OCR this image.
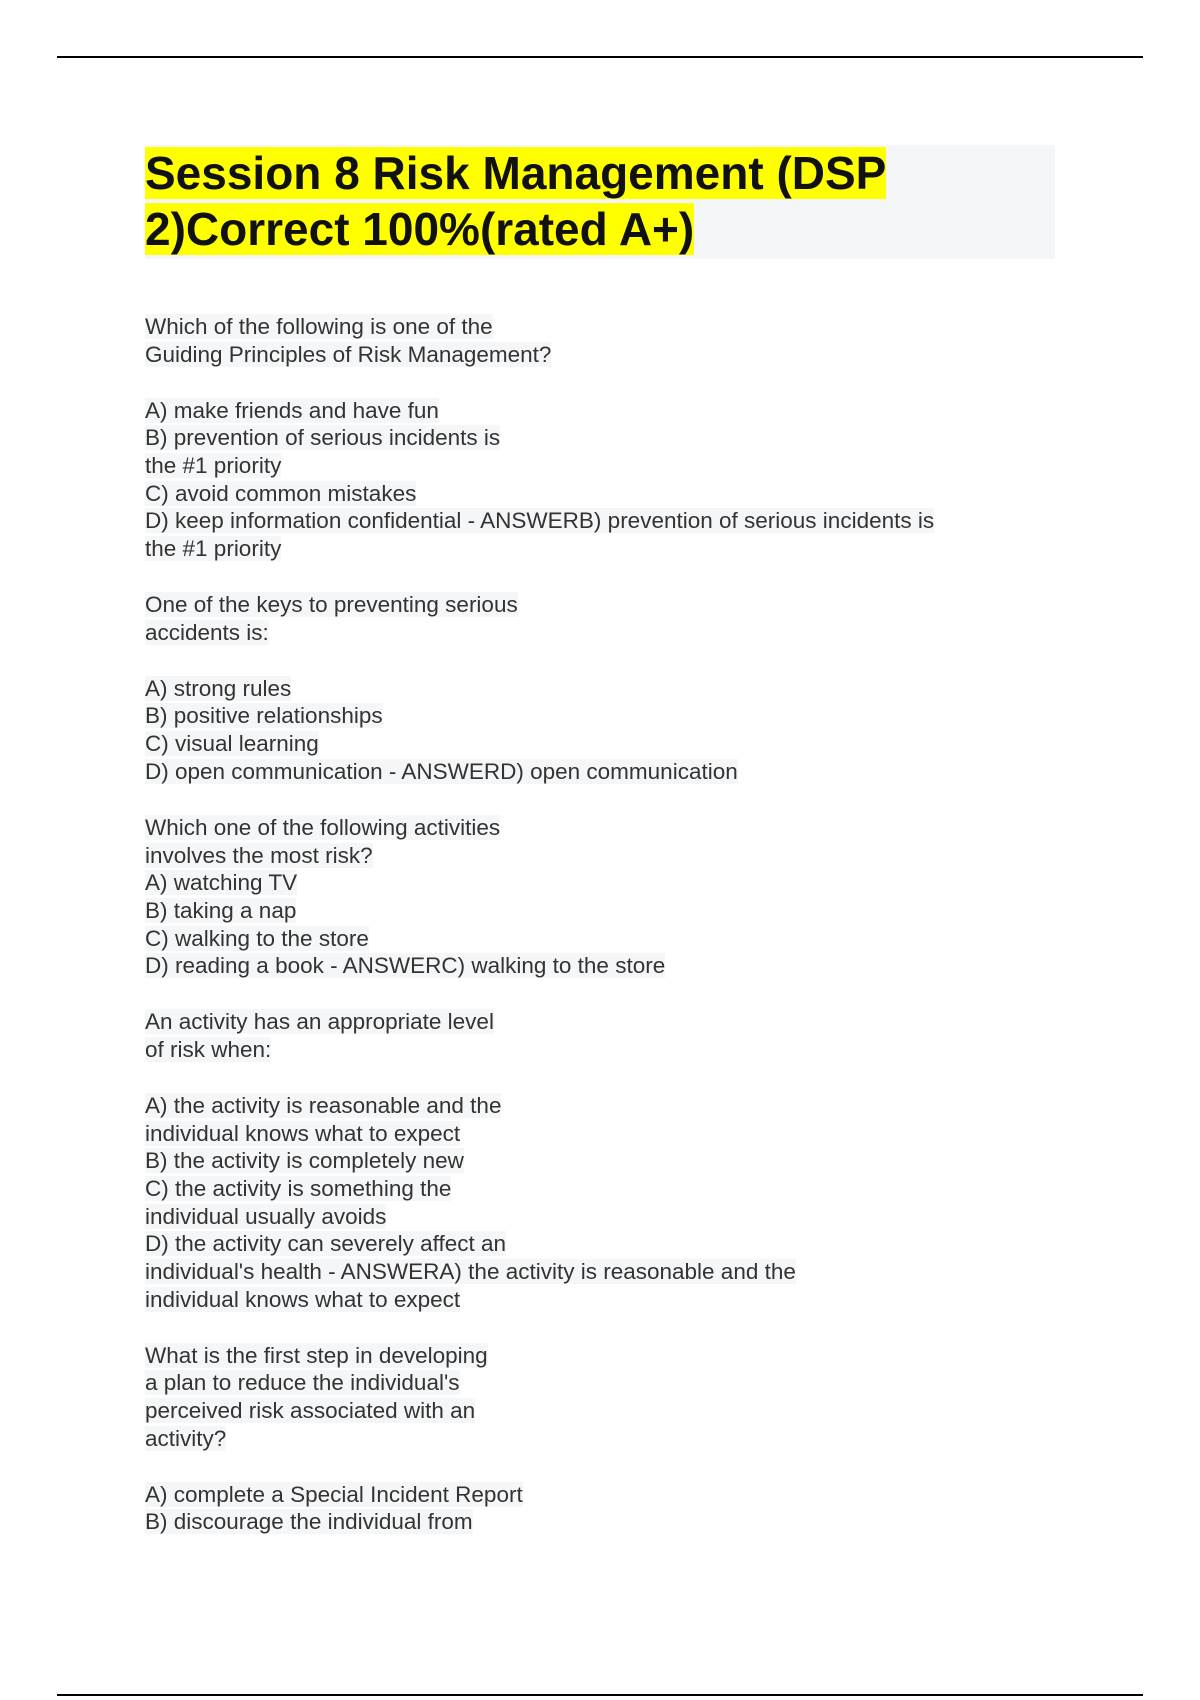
Session 8 Risk Management (DSP
2)Correct 100%(rated A+)
Which of the following is one of the
Guiding Principles of Risk Management?
A) make friends and have fun
B) prevention of serious incidents is
the #1 priority
C) avoid common mistakes
D) keep information confidential - ANSWERB) prevention of serious incidents is
the #1 priority
One of the keys to preventing serious
accidents is:
A) strong rules
B) positive relationships
C) visual learning
D) open communication - ANSWERD) open communication
Which one of the following activities
involves the most risk?
A) watching TV
B) taking a nap
C) walking to the store
D) reading a book - ANSWERC) walking to the store
An activity has an appropriate level
of risk when:
A) the activity is reasonable and the
individual knows what to expect
B) the activity is completely new
C) the activity is something the
individual usually avoids
D) the activity can severely affect an
individual's health - ANSWERA) the activity is reasonable and the
individual knows what to expect
What is the first step in developing
a plan to reduce the individual's
perceived risk associated with an
activity?
A) complete a Special Incident Report
B) discourage the individual from
